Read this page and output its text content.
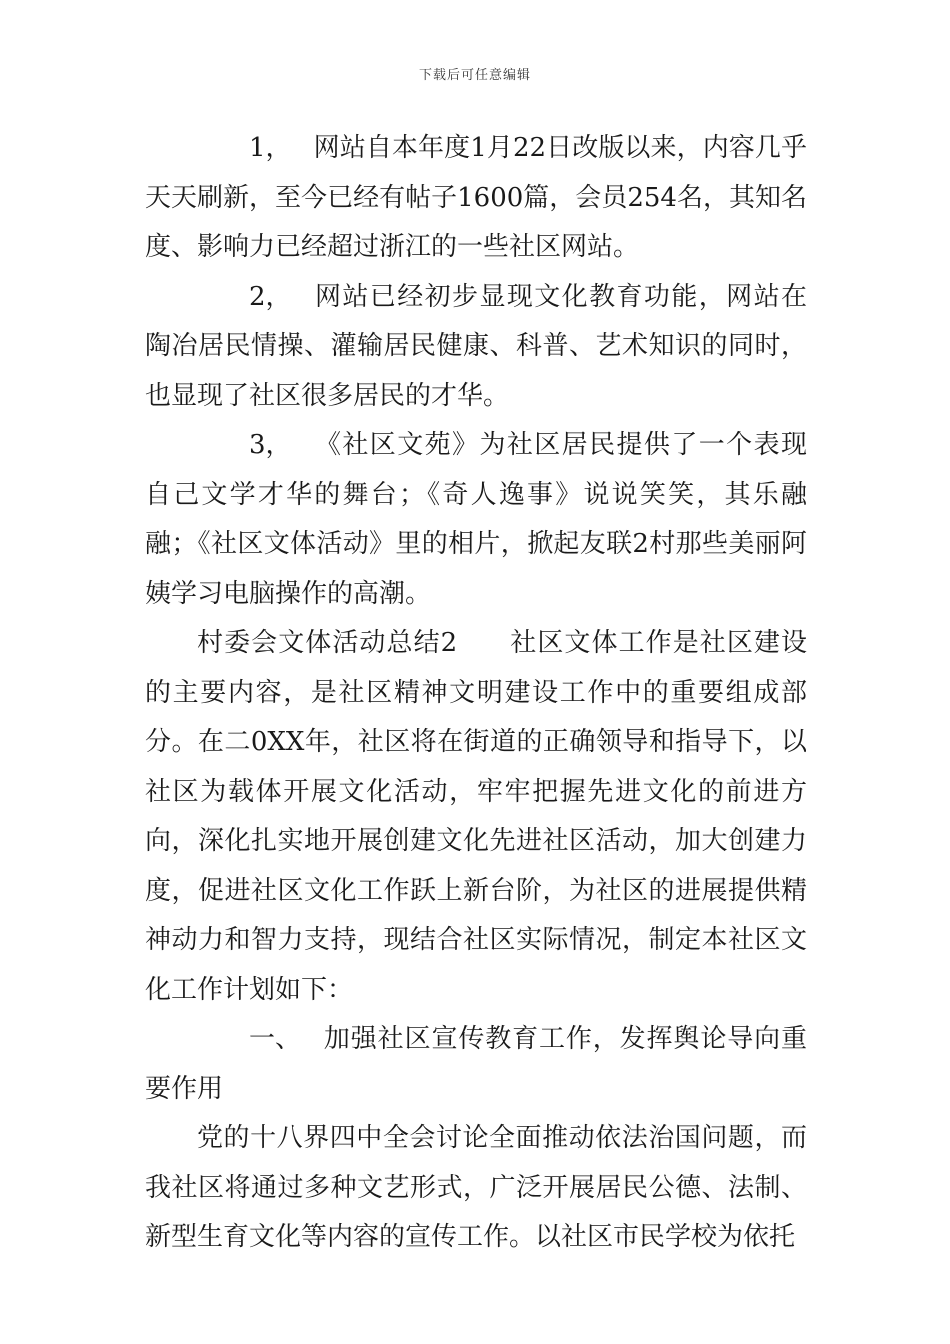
下载后可任意编辑

1， 网站自本年度1月22日改版以来，内容几乎天天刷新，至今已经有帖子1600篇，会员254名，其知名度、影响力已经超过浙江的一些社区网站。

2， 网站已经初步显现文化教育功能，网站在陶冶居民情操、灌输居民健康、科普、艺术知识的同时，也显现了社区很多居民的才华。

3， 《社区文苑》为社区居民提供了一个表现自己文学才华的舞台；《奇人逸事》说说笑笑，其乐融融；《社区文体活动》里的相片，掀起友联2村那些美丽阿姨学习电脑操作的高潮。

村委会文体活动总结2 社区文体工作是社区建设的主要内容，是社区精神文明建设工作中的重要组成部分。在二0XX年，社区将在街道的正确领导和指导下，以社区为载体开展文化活动，牢牢把握先进文化的前进方向，深化扎实地开展创建文化先进社区活动，加大创建力度，促进社区文化工作跃上新台阶，为社区的进展提供精神动力和智力支持，现结合社区实际情况，制定本社区文化工作计划如下：

一、 加强社区宣传教育工作，发挥舆论导向重要作用

党的十八界四中全会讨论全面推动依法治国问题，而我社区将通过多种文艺形式，广泛开展居民公德、法制、新型生育文化等内容的宣传工作。以社区市民学校为依托
